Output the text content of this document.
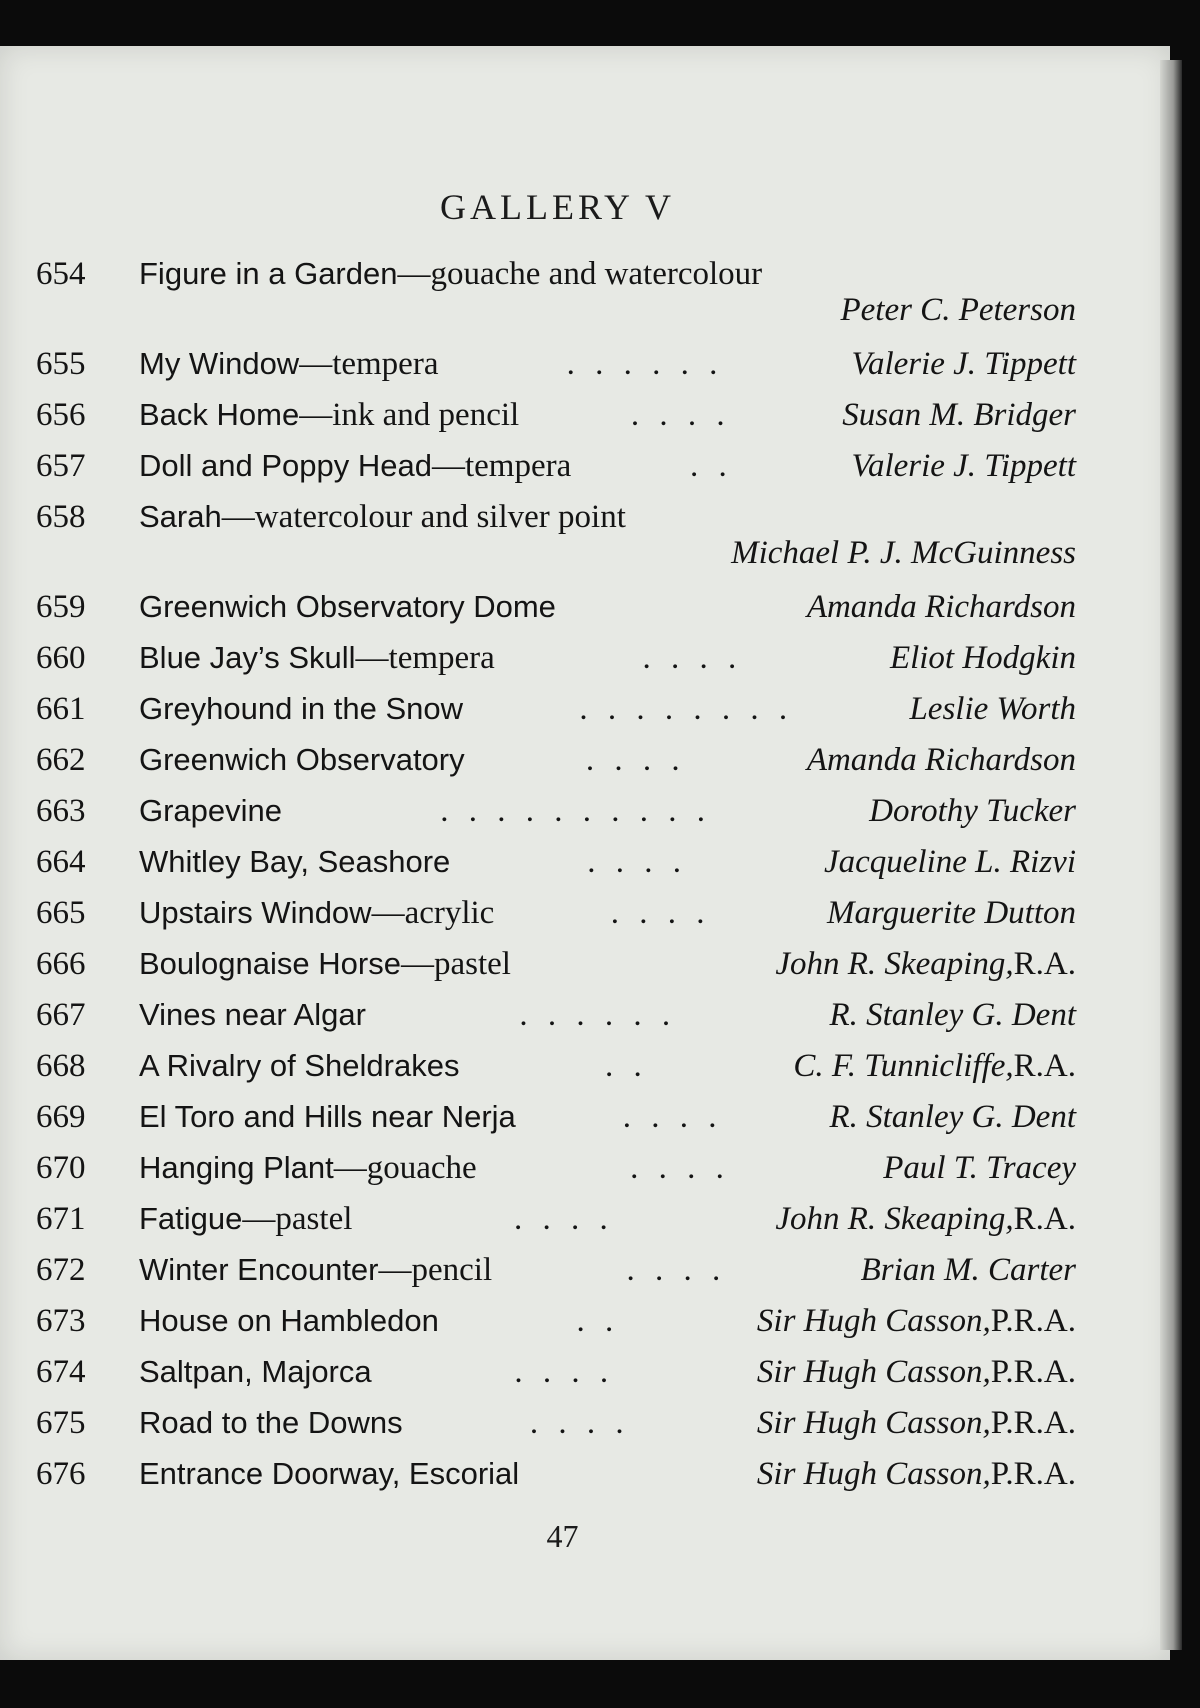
GALLERY V
654	Figure in a Garden—gouache and watercolour
Peter C. Peterson
655	My Window —tempera	. . . . . .	Valerie J. Tippett
656	Back Home —ink and pencil	. . . .	Susan M. Bridger
657	Doll and Poppy Head —tempera	. .	Valerie J. Tippett
658	Sarah—watercolour and silver point
Michael P. J. McGuinness
659	Greenwich Observatory Dome	Amanda Richardson
660	Blue Jay’s Skull —tempera	. . . .	Eliot Hodgkin
661	Greyhound in the Snow	. . . . . . . .	Leslie Worth
662	Greenwich Observatory	. . . .	Amanda Richardson
663	Grapevine	. . . . . . . . . .	Dorothy Tucker
664	Whitley Bay, Seashore	. . . .	Jacqueline L. Rizvi
665	Upstairs Window —acrylic	. . . .	Marguerite Dutton
666	Boulognaise Horse —pastel	John R. Skeaping, R.A.
667	Vines near Algar	. . . . . .	R. Stanley G. Dent
668	A Rivalry of Sheldrakes	. .	C. F. Tunnicliffe, R.A.
669	El Toro and Hills near Nerja	. . . .	R. Stanley G. Dent
670	Hanging Plant —gouache	. . . .	Paul T. Tracey
671	Fatigue —pastel	. . . .	John R. Skeaping, R.A.
672	Winter Encounter —pencil	. . . .	Brian M. Carter
673	House on Hambledon	. .	Sir Hugh Casson, P.R.A.
674	Saltpan, Majorca	. . . .	Sir Hugh Casson, P.R.A.
675	Road to the Downs	. . . .	Sir Hugh Casson, P.R.A.
676	Entrance Doorway, Escorial	Sir Hugh Casson, P.R.A.
47
